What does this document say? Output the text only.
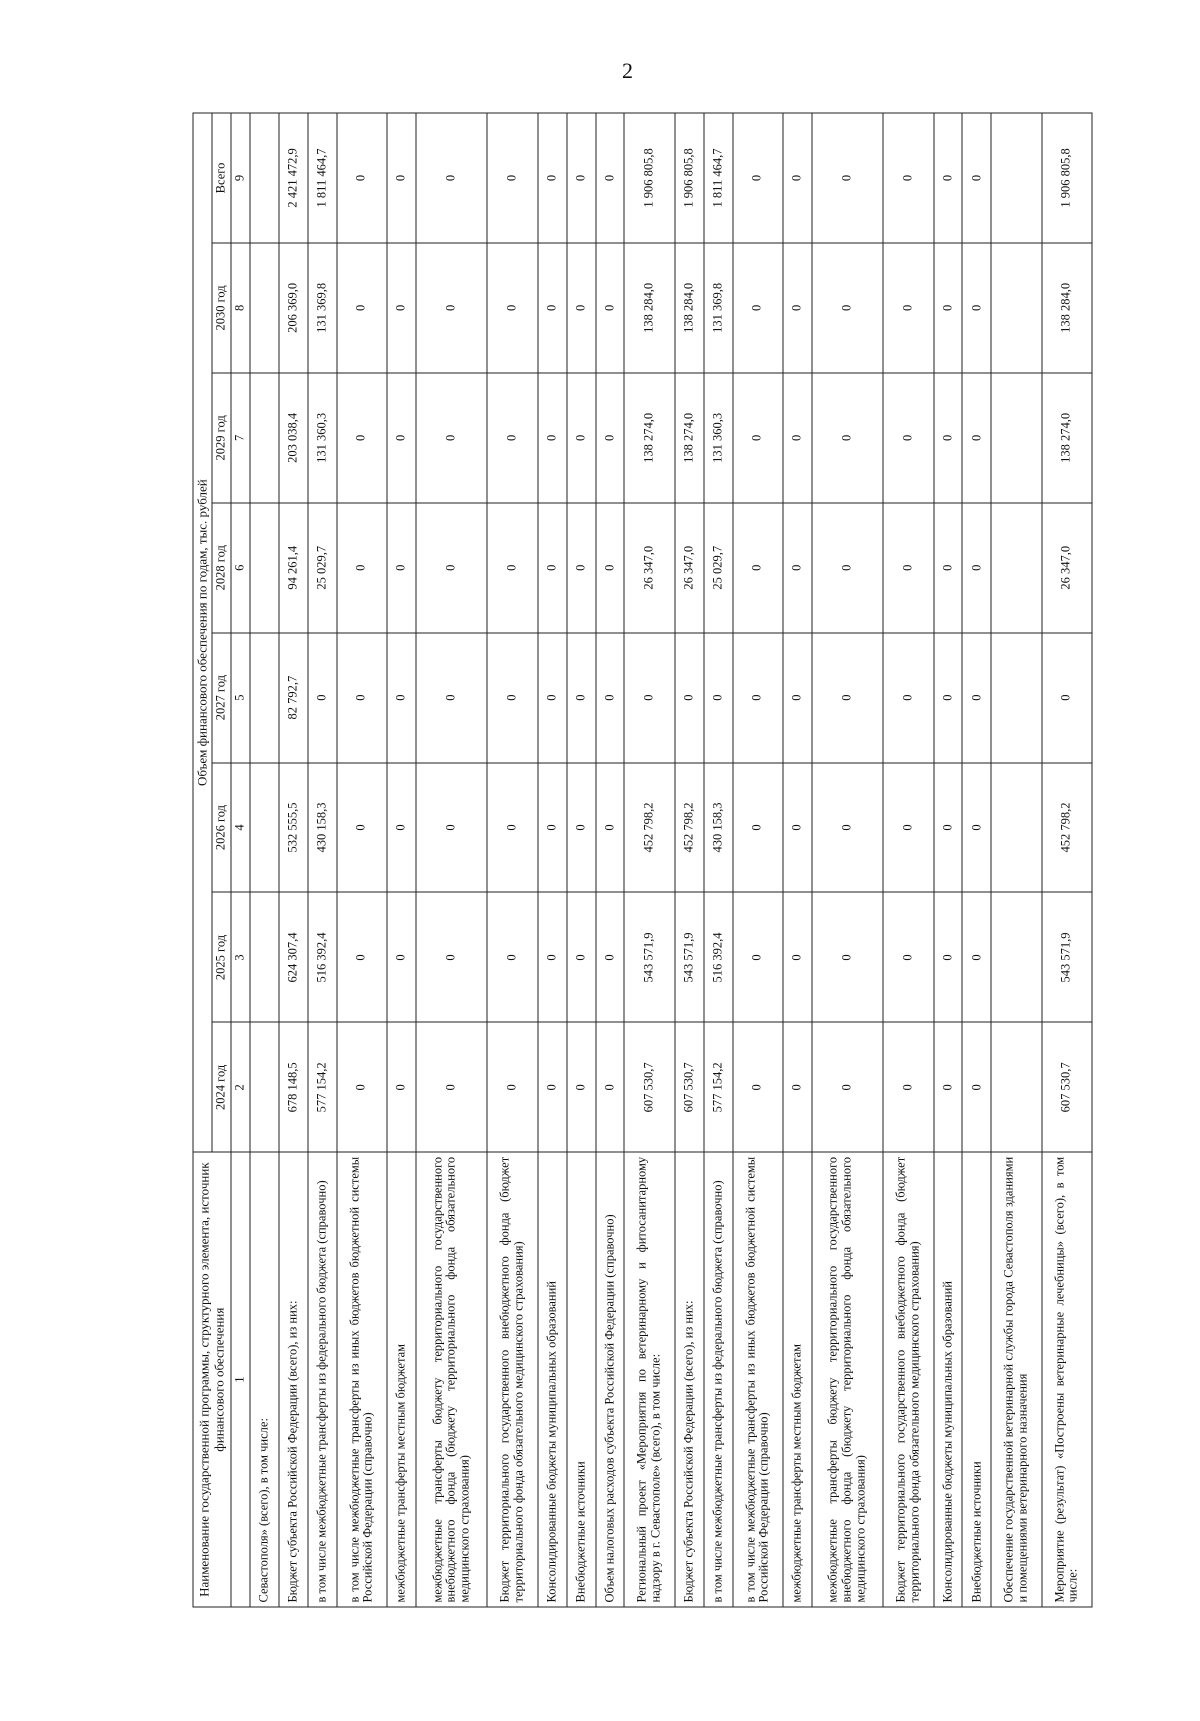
2
Наименование государственной программы, структурного элемента, источник финансового обеспечения	Объем финансового обеспечения по годам, тыс. рублей							
	2024 год	2025 год	2026 год	2027 год	2028 год	2029 год	2030 год	Всего
1	2	3	4	5	6	7	8	9
Севастополя» (всего), в том числе:								
Бюджет субъекта Российской Федерации (всего), из них:	678 148,5	624 307,4	532 555,5	82 792,7	94 261,4	203 038,4	206 369,0	2 421 472,9
в том числе межбюджетные трансферты из федерального бюджета (справочно)	577 154,2	516 392,4	430 158,3	0	25 029,7	131 360,3	131 369,8	1 811 464,7
в том числе межбюджетные трансферты из иных бюджетов бюджетной системы Российской Федерации (справочно)	0	0	0	0	0	0	0	0
межбюджетные трансферты местным бюджетам	0	0	0	0	0	0	0	0
межбюджетные трансферты бюджету территориального государственного внебюджетного фонда (бюджету территориального фонда обязательного медицинского страхования)	0	0	0	0	0	0	0	0
Бюджет территориального государственного внебюджетного фонда (бюджет территориального фонда обязательного медицинского страхования)	0	0	0	0	0	0	0	0
Консолидированные бюджеты муниципальных образований	0	0	0	0	0	0	0	0
Внебюджетные источники	0	0	0	0	0	0	0	0
Объем налоговых расходов субъекта Российской Федерации (справочно)	0	0	0	0	0	0	0	0
Региональный проект «Мероприятия по ветеринарному и фитосанитарному надзору в г. Севастополе» (всего), в том числе:	607 530,7	543 571,9	452 798,2	0	26 347,0	138 274,0	138 284,0	1 906 805,8
Бюджет субъекта Российской Федерации (всего), из них:	607 530,7	543 571,9	452 798,2	0	26 347,0	138 274,0	138 284,0	1 906 805,8
в том числе межбюджетные трансферты из федерального бюджета (справочно)	577 154,2	516 392,4	430 158,3	0	25 029,7	131 360,3	131 369,8	1 811 464,7
в том числе межбюджетные трансферты из иных бюджетов бюджетной системы Российской Федерации (справочно)	0	0	0	0	0	0	0	0
межбюджетные трансферты местным бюджетам	0	0	0	0	0	0	0	0
межбюджетные трансферты бюджету территориального государственного внебюджетного фонда (бюджету территориального фонда обязательного медицинского страхования)	0	0	0	0	0	0	0	0
Бюджет территориального государственного внебюджетного фонда (бюджет территориального фонда обязательного медицинского страхования)	0	0	0	0	0	0	0	0
Консолидированные бюджеты муниципальных образований	0	0	0	0	0	0	0	0
Внебюджетные источники	0	0	0	0	0	0	0	0
Обеспечение государственной ветеринарной службы города Севастополя зданиями и помещениями ветеринарного назначения								
Мероприятие (результат) «Построены ветеринарные лечебницы» (всего), в том числе:	607 530,7	543 571,9	452 798,2	0	26 347,0	138 274,0	138 284,0	1 906 805,8
